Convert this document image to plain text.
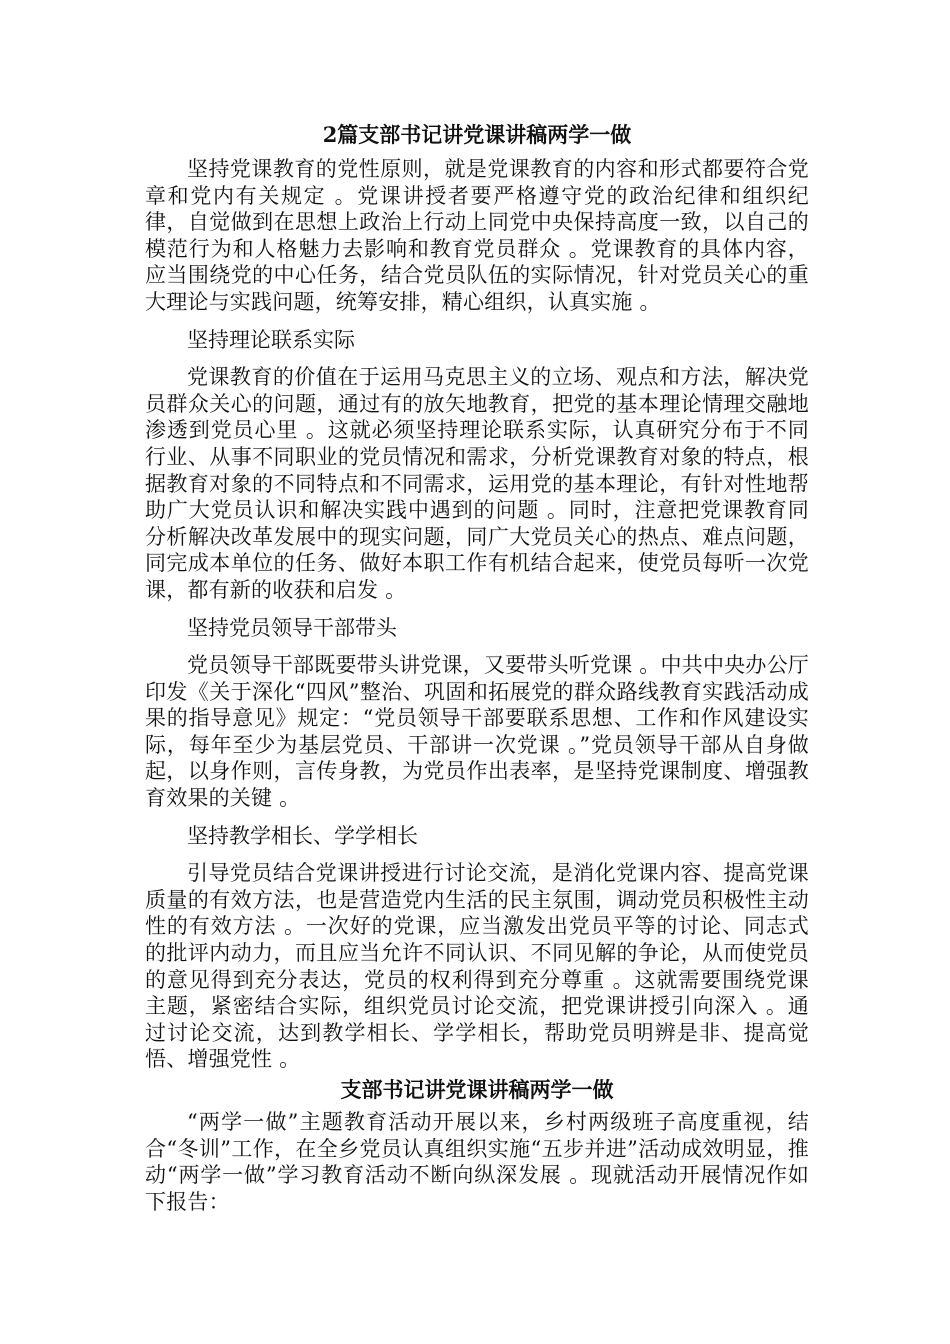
2篇支部书记讲党课讲稿两学一做

坚持党课教育的党性原则，就是党课教育的内容和形式都要符合党章和党内有关规定 。党课讲授者要严格遵守党的政治纪律和组织纪律，自觉做到在思想上政治上行动上同党中央保持高度一致，以自己的模范行为和人格魅力去影响和教育党员群众 。党课教育的具体内容，应当围绕党的中心任务，结合党员队伍的实际情况，针对党员关心的重大理论与实践问题，统筹安排，精心组织，认真实施 。

坚持理论联系实际

党课教育的价值在于运用马克思主义的立场、观点和方法，解决党员群众关心的问题，通过有的放矢地教育，把党的基本理论情理交融地渗透到党员心里 。这就必须坚持理论联系实际，认真研究分布于不同行业、从事不同职业的党员情况和需求，分析党课教育对象的特点，根据教育对象的不同特点和不同需求，运用党的基本理论，有针对性地帮助广大党员认识和解决实践中遇到的问题 。同时，注意把党课教育同分析解决改革发展中的现实问题，同广大党员关心的热点、难点问题，同完成本单位的任务、做好本职工作有机结合起来，使党员每听一次党课，都有新的收获和启发 。

坚持党员领导干部带头

党员领导干部既要带头讲党课，又要带头听党课 。中共中央办公厅印发《关于深化“四风”整治、巩固和拓展党的群众路线教育实践活动成果的指导意见》规定：“党员领导干部要联系思想、工作和作风建设实际，每年至少为基层党员、干部讲一次党课 。”党员领导干部从自身做起，以身作则，言传身教，为党员作出表率，是坚持党课制度、增强教育效果的关键 。

坚持教学相长、学学相长

引导党员结合党课讲授进行讨论交流，是消化党课内容、提高党课质量的有效方法，也是营造党内生活的民主氛围，调动党员积极性主动性的有效方法 。一次好的党课，应当激发出党员平等的讨论、同志式的批评内动力，而且应当允许不同认识、不同见解的争论，从而使党员的意见得到充分表达，党员的权利得到充分尊重 。这就需要围绕党课主题，紧密结合实际，组织党员讨论交流，把党课讲授引向深入 。通过讨论交流，达到教学相长、学学相长，帮助党员明辨是非、提高觉悟、增强党性 。

支部书记讲党课讲稿两学一做

“两学一做”主题教育活动开展以来，乡村两级班子高度重视，结合“冬训”工作，在全乡党员认真组织实施“五步并进”活动成效明显，推动“两学一做”学习教育活动不断向纵深发展 。现就活动开展情况作如下报告：
